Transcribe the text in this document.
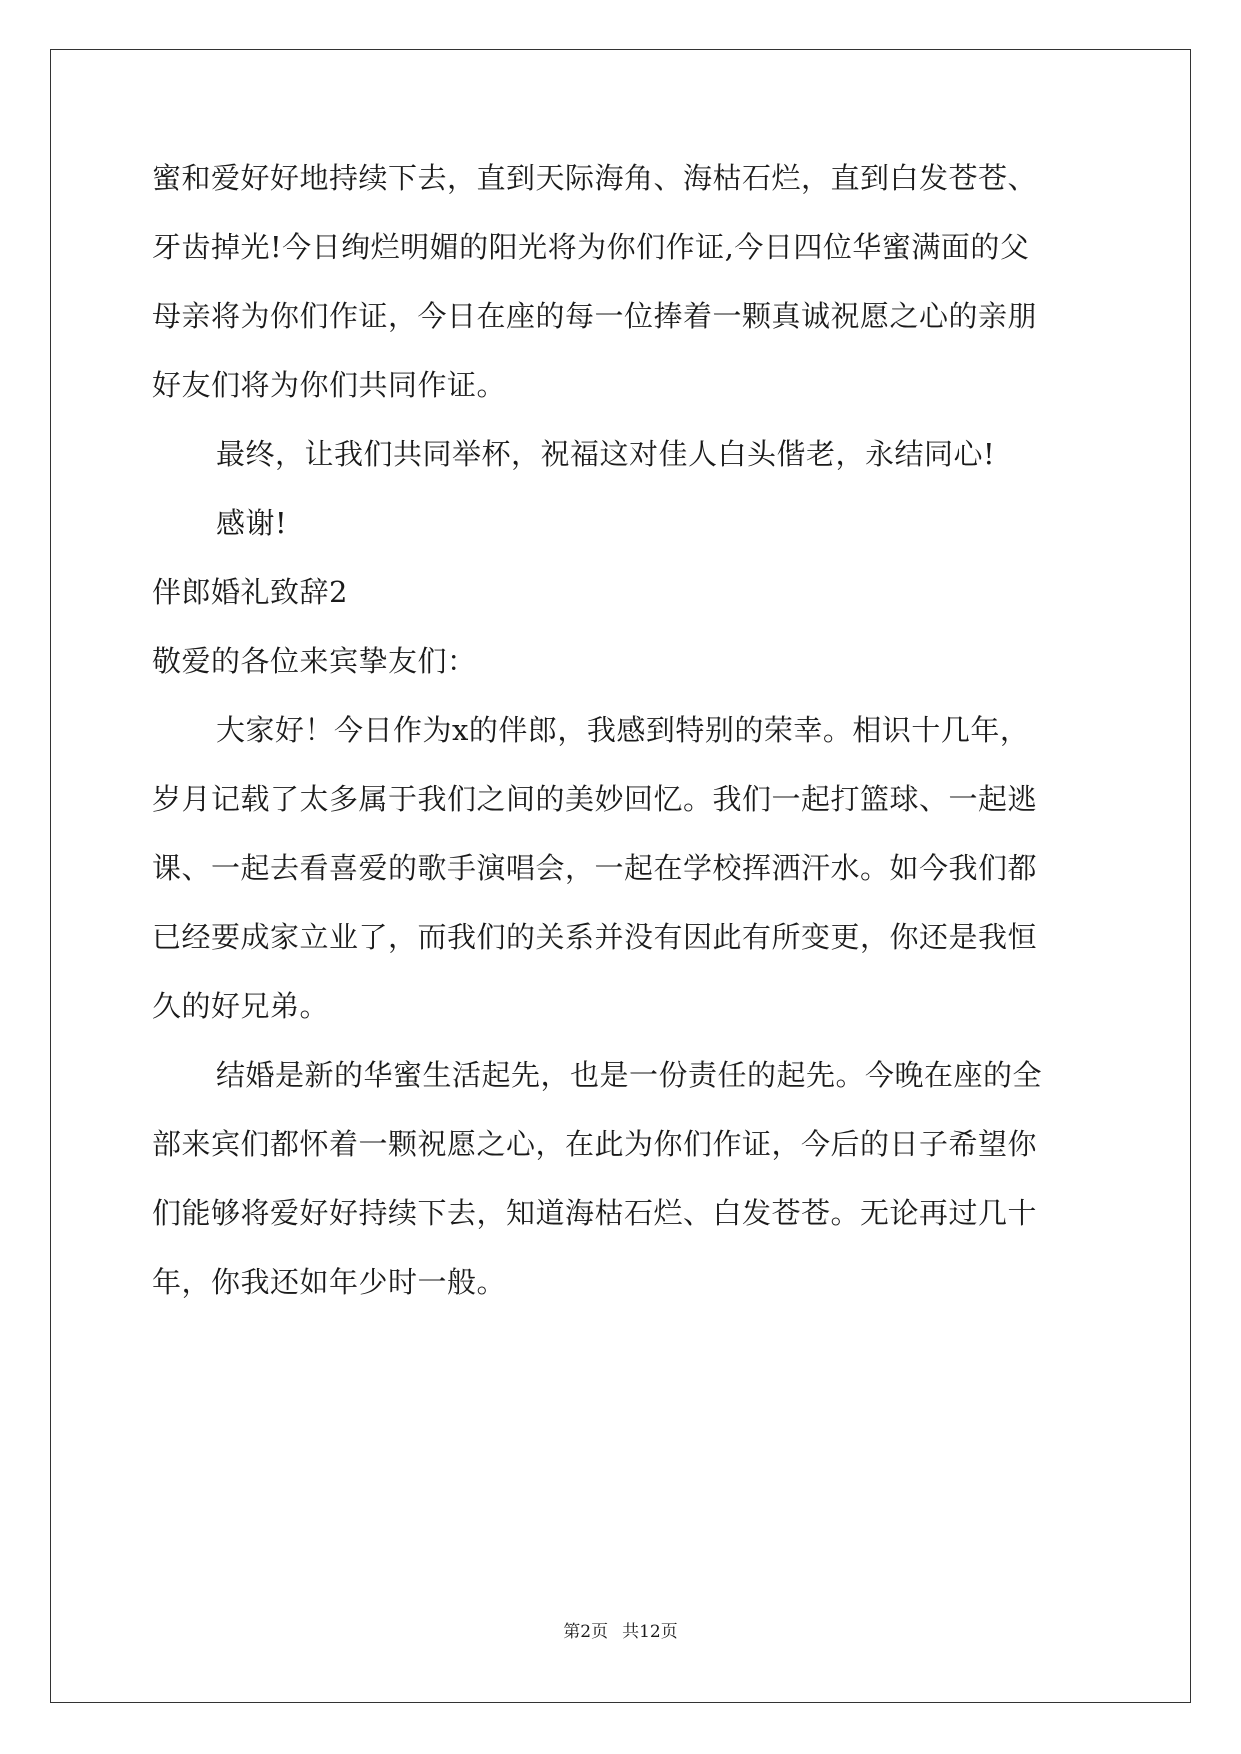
蜜和爱好好地持续下去，直到天际海角、海枯石烂，直到白发苍苍、
牙齿掉光!今日绚烂明媚的阳光将为你们作证,今日四位华蜜满面的父
母亲将为你们作证，今日在座的每一位捧着一颗真诚祝愿之心的亲朋
好友们将为你们共同作证。
最终，让我们共同举杯，祝福这对佳人白头偕老，永结同心!
感谢!
伴郎婚礼致辞2
敬爱的各位来宾挚友们：
大家好！今日作为x的伴郎，我感到特别的荣幸。相识十几年，
岁月记载了太多属于我们之间的美妙回忆。我们一起打篮球、一起逃
课、一起去看喜爱的歌手演唱会，一起在学校挥洒汗水。如今我们都
已经要成家立业了，而我们的关系并没有因此有所变更，你还是我恒
久的好兄弟。
结婚是新的华蜜生活起先，也是一份责任的起先。今晚在座的全
部来宾们都怀着一颗祝愿之心，在此为你们作证，今后的日子希望你
们能够将爱好好持续下去，知道海枯石烂、白发苍苍。无论再过几十
年，你我还如年少时一般。
第2页 共12页
